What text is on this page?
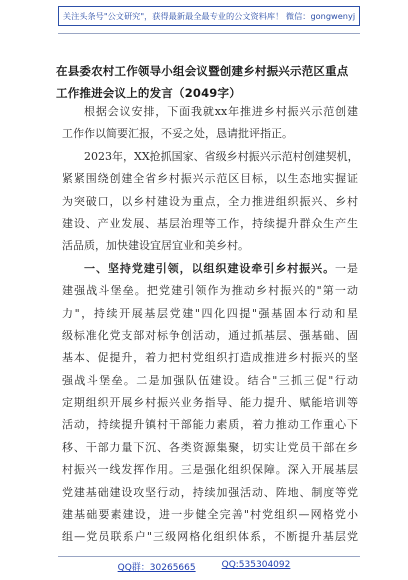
关注头条号"公文研究"，获得最新最全最专业的公文资料库！ 微信：gongwenyj
在县委农村工作领导小组会议暨创建乡村振兴示范区重点
工作推进会议上的发言（2049字）
根据会议安排，下面我就xx年推进乡村振兴示范创建
工作作以简要汇报，不妥之处，恳请批评指正。
2023年，XX抢抓国家、省级乡村振兴示范村创建契机，
紧紧围绕创建全省乡村振兴示范区目标，以生态地实握证
为突破口，以乡村建设为重点，全力推进组织振兴、乡村
建设、产业发展、基层治理等工作，持续提升群众生产生
活品质，加快建设宜居宜业和美乡村。
一、坚持党建引领，以组织建设牵引乡村振兴。一是
建强战斗堡垒。把党建引领作为推动乡村振兴的"第一动
力"，持续开展基层党建"四化四提"强基固本行动和星
级标准化党支部对标争创活动，通过抓基层、强基础、固
基本、促提升，着力把村党组织打造成推进乡村振兴的坚
强战斗堡垒。二是加强队伍建设。结合"三抓三促"行动
定期组织开展乡村振兴业务指导、能力提升、赋能培训等
活动，持续提升镇村干部能力素质，着力推动工作重心下
移、干部力量下沉、各类资源集聚，切实让党员干部在乡
村振兴一线发挥作用。三是强化组织保障。深入开展基层
党建基础建设攻坚行动，持续加强活动、阵地、制度等党
建基础要素建设，进一步健全完善"村党组织—网格党小
组—党员联系户"三级网格化组织体系，不断提升基层党
QQ群：30265665	QQ:535304092
